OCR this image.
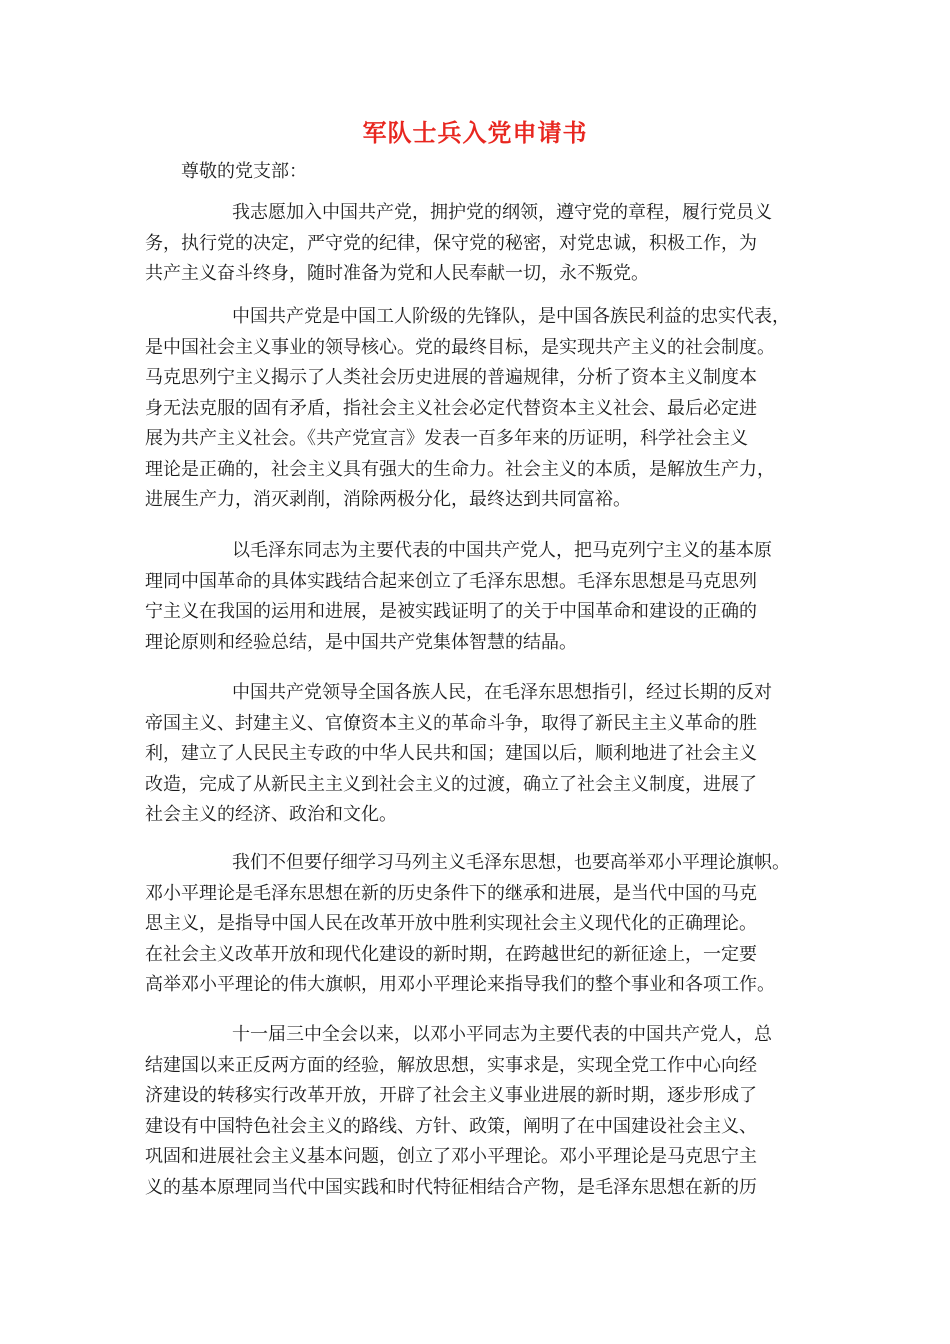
军队士兵入党申请书
尊敬的党支部：
我志愿加入中国共产党，拥护党的纲领，遵守党的章程，履行党员义
务，执行党的决定，严守党的纪律，保守党的秘密，对党忠诚，积极工作，为
共产主义奋斗终身，随时准备为党和人民奉献一切，永不叛党。
中国共产党是中国工人阶级的先锋队，是中国各族民利益的忠实代表，
是中国社会主义事业的领导核心。党的最终目标，是实现共产主义的社会制度。
马克思列宁主义揭示了人类社会历史进展的普遍规律，分析了资本主义制度本
身无法克服的固有矛盾，指社会主义社会必定代替资本主义社会、最后必定进
展为共产主义社会。《共产党宣言》发表一百多年来的历证明，科学社会主义
理论是正确的，社会主义具有强大的生命力。社会主义的本质，是解放生产力，
进展生产力，消灭剥削，消除两极分化，最终达到共同富裕。
以毛泽东同志为主要代表的中国共产党人，把马克列宁主义的基本原
理同中国革命的具体实践结合起来创立了毛泽东思想。毛泽东思想是马克思列
宁主义在我国的运用和进展，是被实践证明了的关于中国革命和建设的正确的
理论原则和经验总结，是中国共产党集体智慧的结晶。
中国共产党领导全国各族人民，在毛泽东思想指引，经过长期的反对
帝国主义、封建主义、官僚资本主义的革命斗争，取得了新民主主义革命的胜
利，建立了人民民主专政的中华人民共和国；建国以后，顺利地进了社会主义
改造，完成了从新民主主义到社会主义的过渡，确立了社会主义制度，进展了
社会主义的经济、政治和文化。
我们不但要仔细学习马列主义毛泽东思想，也要高举邓小平理论旗帜。
邓小平理论是毛泽东思想在新的历史条件下的继承和进展，是当代中国的马克
思主义，是指导中国人民在改革开放中胜利实现社会主义现代化的正确理论。
在社会主义改革开放和现代化建设的新时期，在跨越世纪的新征途上，一定要
高举邓小平理论的伟大旗帜，用邓小平理论来指导我们的整个事业和各项工作。
十一届三中全会以来，以邓小平同志为主要代表的中国共产党人，总
结建国以来正反两方面的经验，解放思想，实事求是，实现全党工作中心向经
济建设的转移实行改革开放，开辟了社会主义事业进展的新时期，逐步形成了
建设有中国特色社会主义的路线、方针、政策，阐明了在中国建设社会主义、
巩固和进展社会主义基本问题，创立了邓小平理论。邓小平理论是马克思宁主
义的基本原理同当代中国实践和时代特征相结合产物，是毛泽东思想在新的历
